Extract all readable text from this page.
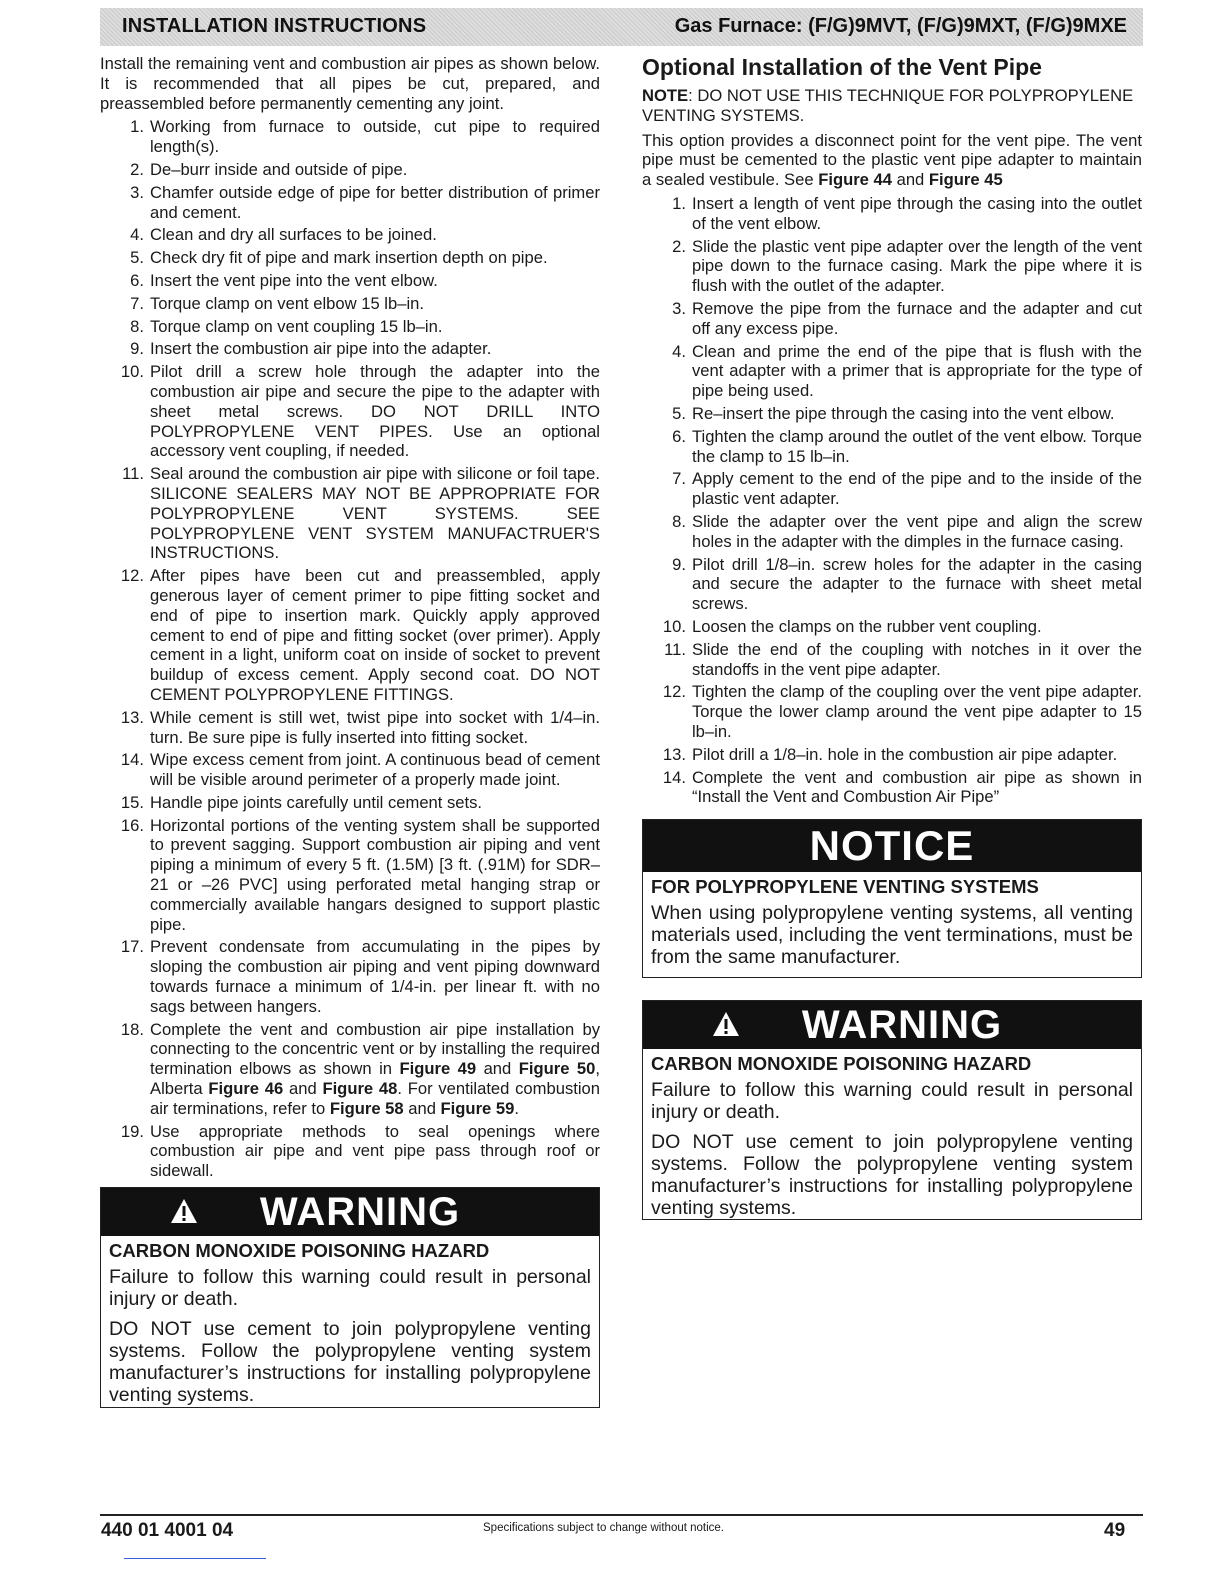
INSTALLATION INSTRUCTIONS	Gas Furnace: (F/G)9MVT, (F/G)9MXT, (F/G)9MXE

Install the remaining vent and combustion air pipes as shown below. It is recommended that all pipes be cut, prepared, and preassembled before permanently cementing any joint.

1. Working from furnace to outside, cut pipe to required length(s).
2. De–burr inside and outside of pipe.
3. Chamfer outside edge of pipe for better distribution of primer and cement.
4. Clean and dry all surfaces to be joined.
5. Check dry fit of pipe and mark insertion depth on pipe.
6. Insert the vent pipe into the vent elbow.
7. Torque clamp on vent elbow 15 lb–in.
8. Torque clamp on vent coupling 15 lb–in.
9. Insert the combustion air pipe into the adapter.
10. Pilot drill a screw hole through the adapter into the combustion air pipe and secure the pipe to the adapter with sheet metal screws. DO NOT DRILL INTO POLYPROPYLENE VENT PIPES. Use an optional accessory vent coupling, if needed.
11. Seal around the combustion air pipe with silicone or foil tape. SILICONE SEALERS MAY NOT BE APPROPRIATE FOR POLYPROPYLENE VENT SYSTEMS. SEE POLYPROPYLENE VENT SYSTEM MANUFACTRUER'S INSTRUCTIONS.
12. After pipes have been cut and preassembled, apply generous layer of cement primer to pipe fitting socket and end of pipe to insertion mark. Quickly apply approved cement to end of pipe and fitting socket (over primer). Apply cement in a light, uniform coat on inside of socket to prevent buildup of excess cement. Apply second coat. DO NOT CEMENT POLYPROPYLENE FITTINGS.
13. While cement is still wet, twist pipe into socket with 1/4–in. turn. Be sure pipe is fully inserted into fitting socket.
14. Wipe excess cement from joint. A continuous bead of cement will be visible around perimeter of a properly made joint.
15. Handle pipe joints carefully until cement sets.
16. Horizontal portions of the venting system shall be supported to prevent sagging. Support combustion air piping and vent piping a minimum of every 5 ft. (1.5M) [3 ft. (.91M) for SDR–21 or –26 PVC] using perforated metal hanging strap or commercially available hangars designed to support plastic pipe.
17. Prevent condensate from accumulating in the pipes by sloping the combustion air piping and vent piping downward towards furnace a minimum of 1/4-in. per linear ft. with no sags between hangers.
18. Complete the vent and combustion air pipe installation by connecting to the concentric vent or by installing the required termination elbows as shown in Figure 49 and Figure 50, Alberta Figure 46 and Figure 48. For ventilated combustion air terminations, refer to Figure 58 and Figure 59.
19. Use appropriate methods to seal openings where combustion air pipe and vent pipe pass through roof or sidewall.
WARNING
CARBON MONOXIDE POISONING HAZARD
Failure to follow this warning could result in personal injury or death.
DO NOT use cement to join polypropylene venting systems. Follow the polypropylene venting system manufacturer’s instructions for installing polypropylene venting systems.
Optional Installation of the Vent Pipe
NOTE: DO NOT USE THIS TECHNIQUE FOR POLYPROPYLENE VENTING SYSTEMS.

This option provides a disconnect point for the vent pipe. The vent pipe must be cemented to the plastic vent pipe adapter to maintain a sealed vestibule. See Figure 44 and Figure 45

1. Insert a length of vent pipe through the casing into the outlet of the vent elbow.
2. Slide the plastic vent pipe adapter over the length of the vent pipe down to the furnace casing. Mark the pipe where it is flush with the outlet of the adapter.
3. Remove the pipe from the furnace and the adapter and cut off any excess pipe.
4. Clean and prime the end of the pipe that is flush with the vent adapter with a primer that is appropriate for the type of pipe being used.
5. Re–insert the pipe through the casing into the vent elbow.
6. Tighten the clamp around the outlet of the vent elbow. Torque the clamp to 15 lb–in.
7. Apply cement to the end of the pipe and to the inside of the plastic vent adapter.
8. Slide the adapter over the vent pipe and align the screw holes in the adapter with the dimples in the furnace casing.
9. Pilot drill 1/8–in. screw holes for the adapter in the casing and secure the adapter to the furnace with sheet metal screws.
10. Loosen the clamps on the rubber vent coupling.
11. Slide the end of the coupling with notches in it over the standoffs in the vent pipe adapter.
12. Tighten the clamp of the coupling over the vent pipe adapter. Torque the lower clamp around the vent pipe adapter to 15 lb–in.
13. Pilot drill a 1/8–in. hole in the combustion air pipe adapter.
14. Complete the vent and combustion air pipe as shown in “Install the Vent and Combustion Air Pipe”
NOTICE
FOR POLYPROPYLENE VENTING SYSTEMS
When using polypropylene venting systems, all venting materials used, including the vent terminations, must be from the same manufacturer.
WARNING
CARBON MONOXIDE POISONING HAZARD
Failure to follow this warning could result in personal injury or death.
DO NOT use cement to join polypropylene venting systems. Follow the polypropylene venting system manufacturer’s instructions for installing polypropylene venting systems.
440 01 4001 04	Specifications subject to change without notice.	49
